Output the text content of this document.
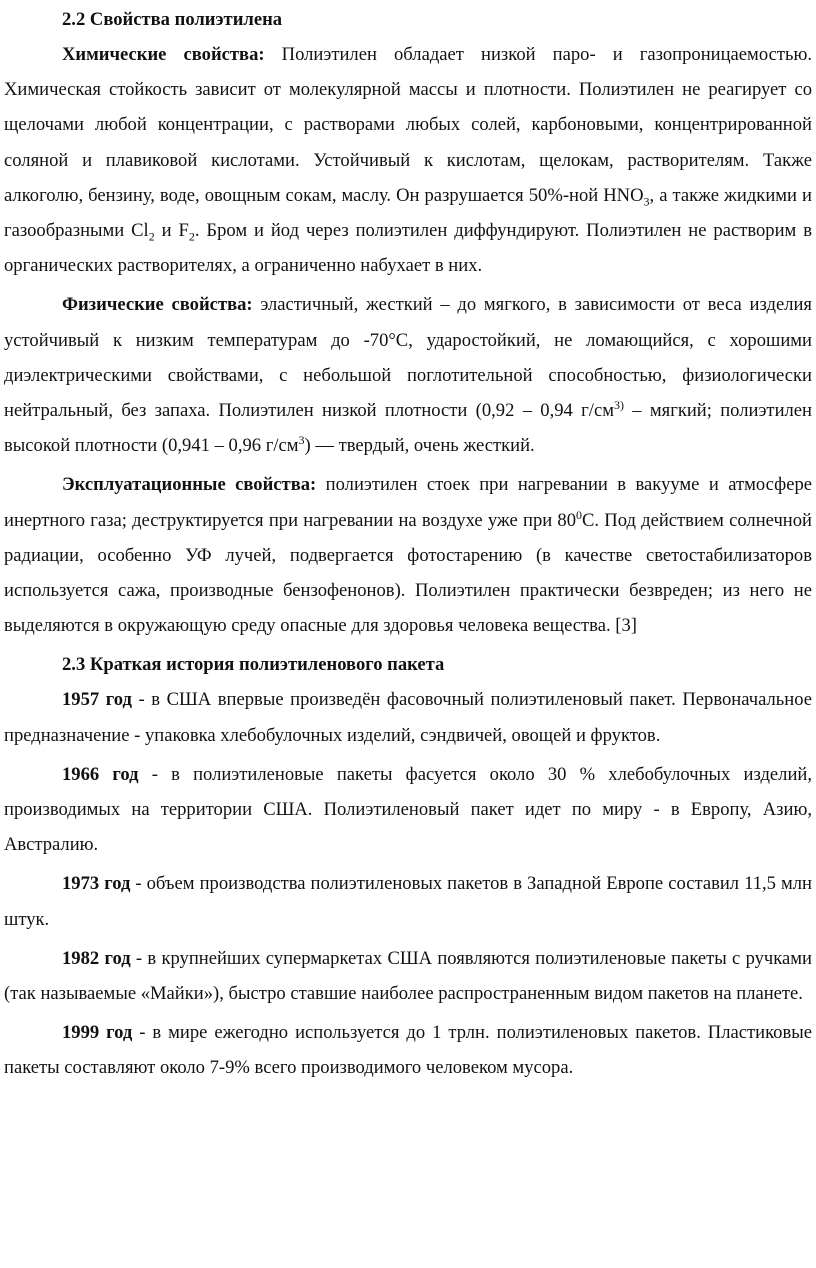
2.2 Свойства полиэтилена

Химические свойства: Полиэтилен обладает низкой паро- и газопроницаемостью. Химическая стойкость зависит от молекулярной массы и плотности. Полиэтилен не реагирует со щелочами любой концентрации, с растворами любых солей, карбоновыми, концентрированной соляной и плавиковой кислотами. Устойчивый к кислотам, щелокам, растворителям. Также алкоголю, бензину, воде, овощным сокам, маслу. Он разрушается 50%-ной $HNO_3$, а также жидкими и газообразными $Cl_2$ и $F_2$. Бром и йод через полиэтилен диффундируют. Полиэтилен не растворим в органических растворителях, а ограниченно набухает в них.

Физические свойства: эластичный, жесткий – до мягкого, в зависимости от веса изделия устойчивый к низким температурам до -70°С, ударостойкий, не ломающийся, с хорошими диэлектрическими свойствами, с небольшой поглотительной способностью, физиологически нейтральный, без запаха. Полиэтилен низкой плотности (0,92 – 0,94 $г/см^{3)}$ – мягкий; полиэтилен высокой плотности (0,941 – 0,96 $г/см^3$) — твердый, очень жесткий.

Эксплуатационные свойства: полиэтилен стоек при нагревании в вакууме и атмосфере инертного газа; деструктируется при нагревании на воздухе уже при $80^0С$. Под действием солнечной радиации, особенно УФ лучей, подвергается фотостарению (в качестве светостабилизаторов используется сажа, производные бензофенонов). Полиэтилен практически безвреден; из него не выделяются в окружающую среду опасные для здоровья человека вещества. [3]

2.3 Краткая история полиэтиленового пакета

1957 год - в США впервые произведён фасовочный полиэтиленовый пакет. Первоначальное предназначение - упаковка хлебобулочных изделий, сэндвичей, овощей и фруктов.

1966 год - в полиэтиленовые пакеты фасуется около 30 % хлебобулочных изделий, производимых на территории США. Полиэтиленовый пакет идет по миру - в Европу, Азию, Австралию.

1973 год - объем производства полиэтиленовых пакетов в Западной Европе составил 11,5 млн штук.

1982 год - в крупнейших супермаркетах США появляются полиэтиленовые пакеты с ручками (так называемые «Майки»), быстро ставшие наиболее распространенным видом пакетов на планете.

1999 год - в мире ежегодно используется до 1 трлн. полиэтиленовых пакетов. Пластиковые пакеты составляют около 7-9% всего производимого человеком мусора.
